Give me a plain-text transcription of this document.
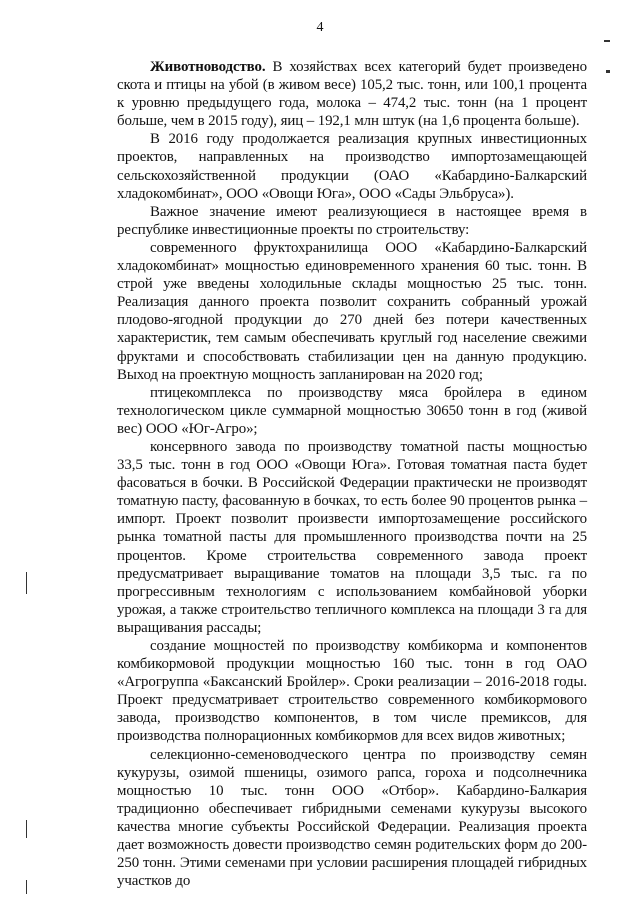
4

Животноводство. В хозяйствах всех категорий будет произведено скота и птицы на убой (в живом весе) 105,2 тыс. тонн, или 100,1 процента к уровню предыдущего года, молока – 474,2 тыс. тонн (на 1 процент больше, чем в 2015 году), яиц – 192,1 млн штук (на 1,6 процента больше).

В 2016 году продолжается реализация крупных инвестиционных проектов, направленных на производство импортозамещающей сельскохозяйственной продукции (ОАО «Кабардино-Балкарский хладокомбинат», ООО «Овощи Юга», ООО «Сады Эльбруса»).

Важное значение имеют реализующиеся в настоящее время в республике инвестиционные проекты по строительству:

современного фруктохранилища ООО «Кабардино-Балкарский хладокомбинат» мощностью единовременного хранения 60 тыс. тонн. В строй уже введены холодильные склады мощностью 25 тыс. тонн. Реализация данного проекта позволит сохранить собранный урожай плодово-ягодной продукции до 270 дней без потери качественных характеристик, тем самым обеспечивать круглый год население свежими фруктами и способствовать стабилизации цен на данную продукцию. Выход на проектную мощность запланирован на 2020 год;

птицекомплекса по производству мяса бройлера в едином технологическом цикле суммарной мощностью 30650 тонн в год (живой вес) ООО «Юг-Агро»;

консервного завода по производству томатной пасты мощностью 33,5 тыс. тонн в год ООО «Овощи Юга». Готовая томатная паста будет фасоваться в бочки. В Российской Федерации практически не производят томатную пасту, фасованную в бочках, то есть более 90 процентов рынка – импорт. Проект позволит произвести импортозамещение российского рынка томатной пасты для промышленного производства почти на 25 процентов. Кроме строительства современного завода проект предусматривает выращивание томатов на площади 3,5 тыс. га по прогрессивным технологиям с использованием комбайновой уборки урожая, а также строительство тепличного комплекса на площади 3 га для выращивания рассады;

создание мощностей по производству комбикорма и компонентов комбикормовой продукции мощностью 160 тыс. тонн в год ОАО «Агрогруппа «Баксанский Бройлер». Сроки реализации – 2016-2018 годы. Проект предусматривает строительство современного комбикормового завода, производство компонентов, в том числе премиксов, для производства полнорационных комбикормов для всех видов животных;

селекционно-семеноводческого центра по производству семян кукурузы, озимой пшеницы, озимого рапса, гороха и подсолнечника мощностью 10 тыс. тонн ООО «Отбор». Кабардино-Балкария традиционно обеспечивает гибридными семенами кукурузы высокого качества многие субъекты Российской Федерации. Реализация проекта дает возможность довести производство семян родительских форм до 200-250 тонн. Этими семенами при условии расширения площадей гибридных участков до
